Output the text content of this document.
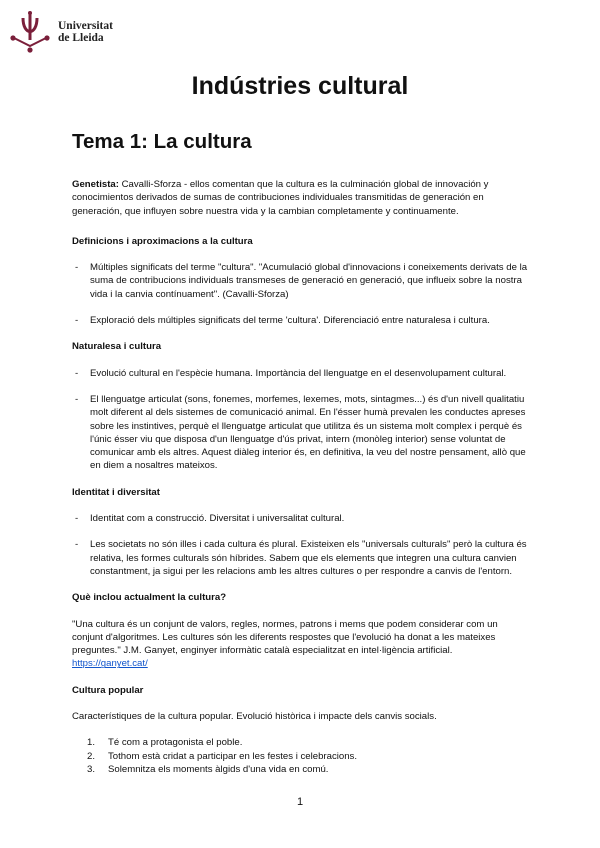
Universitat
de Lleida
Indústries cultural
Tema 1: La cultura

Genetista: Cavalli-Sforza - ellos comentan que la cultura es la culminación global de innovación y conocimientos derivados de sumas de contribuciones individuales transmitidas de generación en generación, que influyen sobre nuestra vida y la cambian completamente y continuamente.

Definicions i aproximacions a la cultura

- Múltiples significats del terme "cultura". "Acumulació global d'innovacions i coneixements derivats de la suma de contribucions individuals transmeses de generació en generació, que influeix sobre la nostra vida i la canvia contínuament". (Cavalli-Sforza)
- Exploració dels múltiples significats del terme 'cultura'. Diferenciació entre naturalesa i cultura.

Naturalesa i cultura

- Evolució cultural en l'espècie humana. Importància del llenguatge en el desenvolupament cultural.
- El llenguatge articulat (sons, fonemes, morfemes, lexemes, mots, sintagmes...) és d'un nivell qualitatiu molt diferent al dels sistemes de comunicació animal. En l'ésser humà prevalen les conductes apreses sobre les instintives, perquè el llenguatge articulat que utilitza és un sistema molt complex i perquè és l'únic ésser viu que disposa d'un llenguatge d'ús privat, intern (monòleg interior) sense voluntat de comunicar amb els altres. Aquest diàleg interior és, en definitiva, la veu del nostre pensament, allò que en diem a nosaltres mateixos.

Identitat i diversitat

- Identitat com a construcció. Diversitat i universalitat cultural.
- Les societats no són illes i cada cultura és plural. Existeixen els "universals culturals" però la cultura és relativa, les formes culturals són híbrides. Sabem que els elements que integren una cultura canvien constantment, ja sigui per les relacions amb les altres cultures o per respondre a canvis de l'entorn.

Què inclou actualment la cultura?

"Una cultura és un conjunt de valors, regles, normes, patrons i mems que podem considerar com un conjunt d'algoritmes. Les cultures són les diferents respostes que l'evolució ha donat a les mateixes preguntes." J.M. Ganyet, enginyer informàtic català especialitzat en intel·ligència artificial.
https://ganyet.cat/

Cultura popular

Característiques de la cultura popular. Evolució històrica i impacte dels canvis socials.

1. Té com a protagonista el poble.
2. Tothom està cridat a participar en les festes i celebracions.
3. Solemnitza els moments àlgids d'una vida en comú.
1
